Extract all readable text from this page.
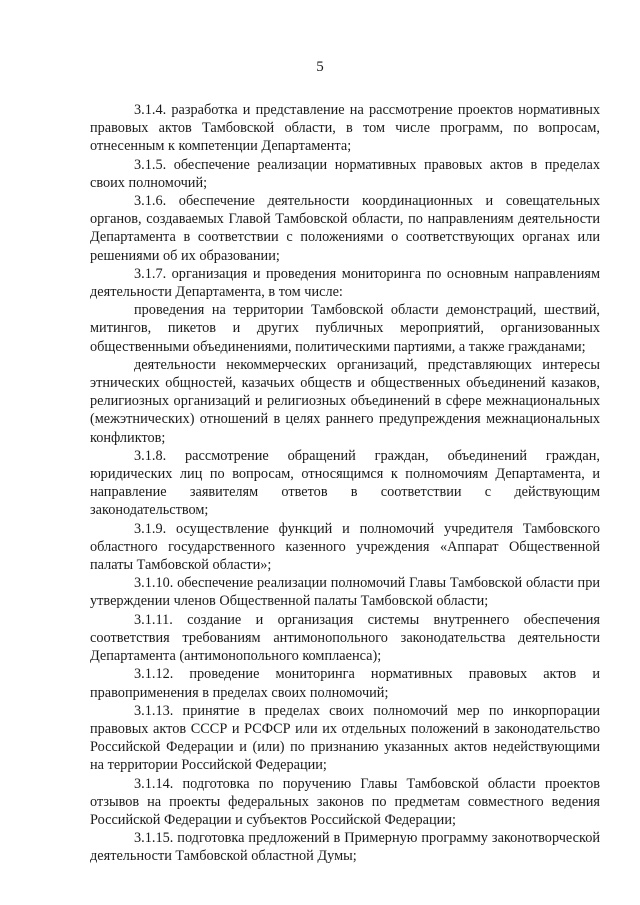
5

3.1.4. разработка и представление на рассмотрение проектов нормативных правовых актов Тамбовской области, в том числе программ, по вопросам, отнесенным к компетенции Департамента;

3.1.5. обеспечение реализации нормативных правовых актов в пределах своих полномочий;

3.1.6. обеспечение деятельности координационных и совещательных органов, создаваемых Главой Тамбовской области, по направлениям деятельности Департамента в соответствии с положениями о соответствующих органах или решениями об их образовании;

3.1.7. организация и проведения мониторинга по основным направлениям деятельности Департамента, в том числе:

проведения на территории Тамбовской области демонстраций, шествий, митингов, пикетов и других публичных мероприятий, организованных общественными объединениями, политическими партиями, а также гражданами;

деятельности некоммерческих организаций, представляющих интересы этнических общностей, казачьих обществ и общественных объединений казаков, религиозных организаций и религиозных объединений в сфере межнациональных (межэтнических) отношений в целях раннего предупреждения межнациональных конфликтов;

3.1.8. рассмотрение обращений граждан, объединений граждан, юридических лиц по вопросам, относящимся к полномочиям Департамента, и направление заявителям ответов в соответствии с действующим законодательством;

3.1.9. осуществление функций и полномочий учредителя Тамбовского областного государственного казенного учреждения «Аппарат Общественной палаты Тамбовской области»;

3.1.10. обеспечение реализации полномочий Главы Тамбовской области при утверждении членов Общественной палаты Тамбовской области;

3.1.11. создание и организация системы внутреннего обеспечения соответствия требованиям антимонопольного законодательства деятельности Департамента (антимонопольного комплаенса);

3.1.12. проведение мониторинга нормативных правовых актов и правоприменения в пределах своих полномочий;

3.1.13. принятие в пределах своих полномочий мер по инкорпорации правовых актов СССР и РСФСР или их отдельных положений в законодательство Российской Федерации и (или) по признанию указанных актов недействующими на территории Российской Федерации;

3.1.14. подготовка по поручению Главы Тамбовской области проектов отзывов на проекты федеральных законов по предметам совместного ведения Российской Федерации и субъектов Российской Федерации;

3.1.15. подготовка предложений в Примерную программу законотворческой деятельности Тамбовской областной Думы;
